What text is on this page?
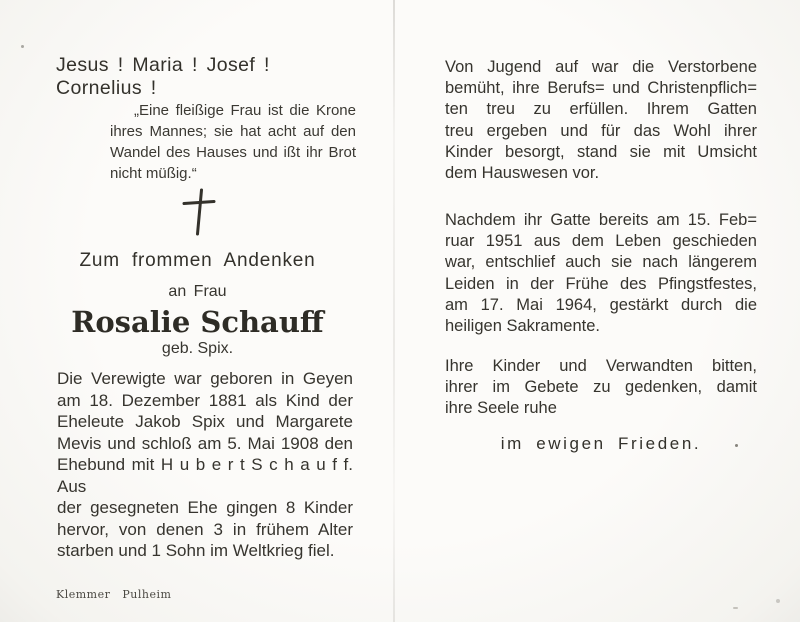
Jesus ! Maria ! Josef ! Cornelius !
„Eine fleißige Frau ist die Krone
ihres Mannes; sie hat acht auf den
Wandel des Hauses und ißt ihr Brot
nicht müßig.“
Zum frommen Andenken
an Frau
Rosalie Schauff
geb. Spix.
Die Verewigte war geboren in Geyen
am 18. Dezember 1881 als Kind der
Eheleute Jakob Spix und Margarete
Mevis und schloß am 5. Mai 1908 den
Ehebund mit H u b e r t S c h a u f f. Aus
der gesegneten Ehe gingen 8 Kinder
hervor, von denen 3 in frühem Alter
starben und 1 Sohn im Weltkrieg fiel.
Klemmer Pulheim
Von Jugend auf war die Verstorbene
bemüht, ihre Berufs= und Christenpflich=
ten treu zu erfüllen. Ihrem Gatten
treu ergeben und für das Wohl ihrer
Kinder besorgt, stand sie mit Umsicht
dem Hauswesen vor.
Nachdem ihr Gatte bereits am 15. Feb=
ruar 1951 aus dem Leben geschieden
war, entschlief auch sie nach längerem
Leiden in der Frühe des Pfingstfestes,
am 17. Mai 1964, gestärkt durch die
heiligen Sakramente.
Ihre Kinder und Verwandten bitten,
ihrer im Gebete zu gedenken, damit
ihre Seele ruhe
im ewigen Frieden.
